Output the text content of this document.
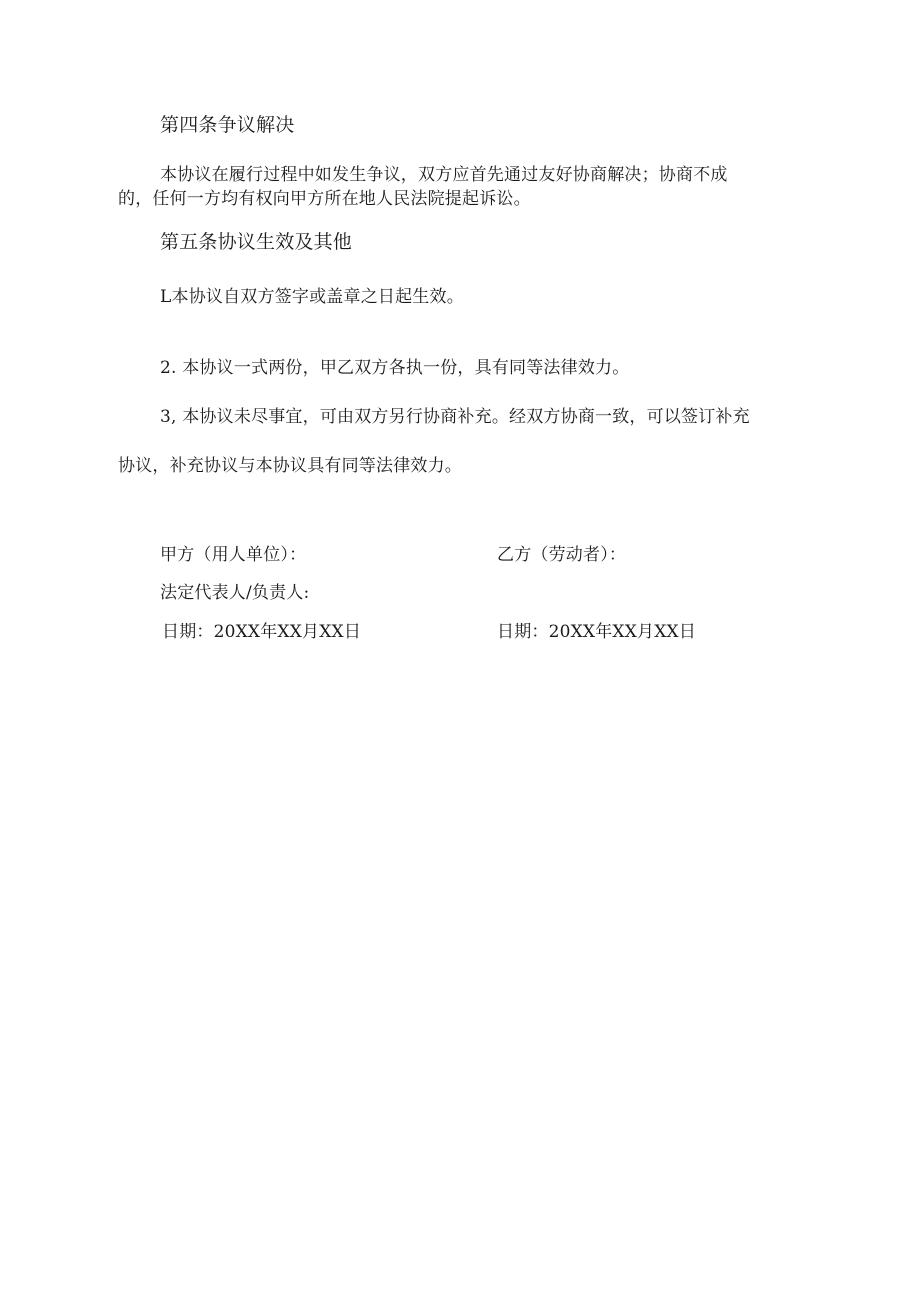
第四条争议解决
本协议在履行过程中如发生争议，双方应首先通过友好协商解决；协商不成
的，任何一方均有权向甲方所在地人民法院提起诉讼。
第五条协议生效及其他
L本协议自双方签字或盖章之日起生效。
2. 本协议一式两份，甲乙双方各执一份，具有同等法律效力。
3, 本协议未尽事宜，可由双方另行协商补充。经双方协商一致，可以签订补充
协议，补充协议与本协议具有同等法律效力。
甲方（用人单位）：	乙方（劳动者）：
法定代表人/负责人:
日期：20XX年XX月XX日	日期：20XX年XX月XX日
